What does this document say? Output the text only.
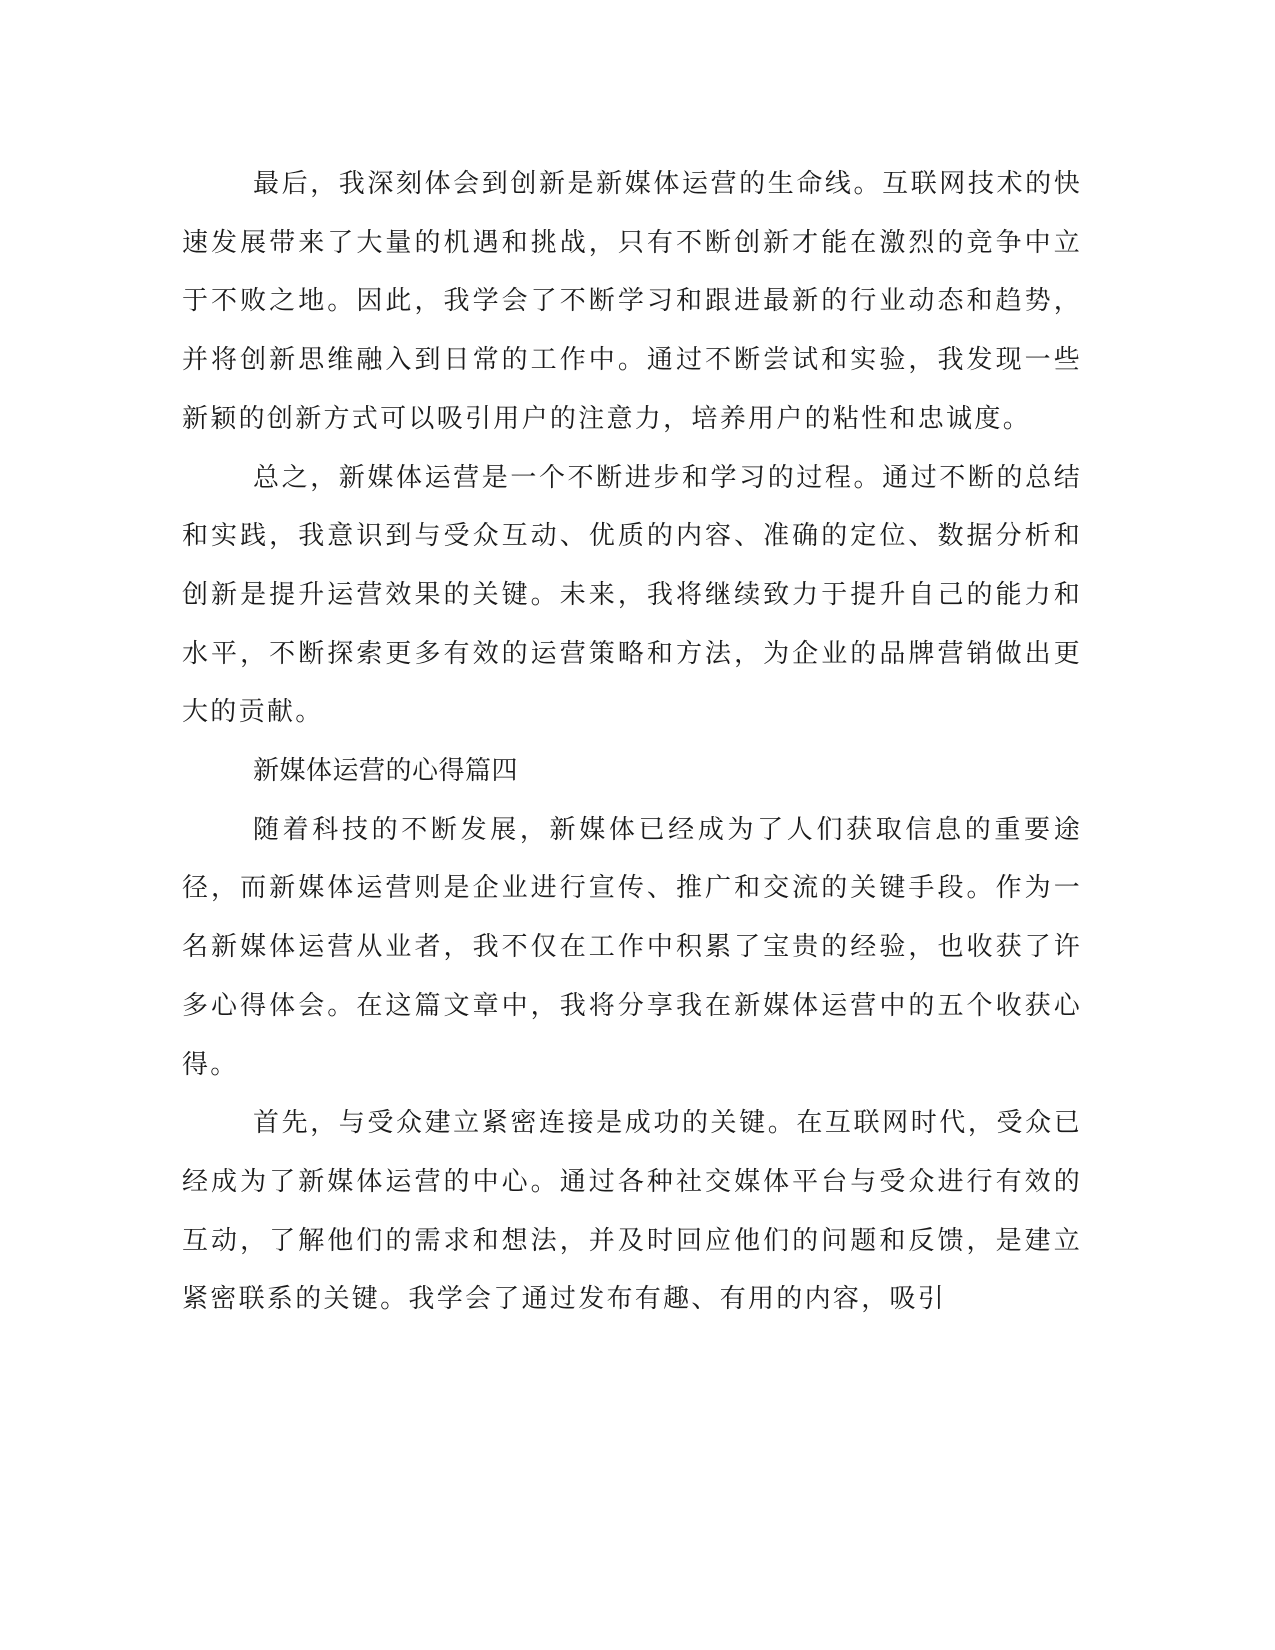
最后，我深刻体会到创新是新媒体运营的生命线。互联网技术的快速发展带来了大量的机遇和挑战，只有不断创新才能在激烈的竞争中立于不败之地。因此，我学会了不断学习和跟进最新的行业动态和趋势，并将创新思维融入到日常的工作中。通过不断尝试和实验，我发现一些新颖的创新方式可以吸引用户的注意力，培养用户的粘性和忠诚度。

总之，新媒体运营是一个不断进步和学习的过程。通过不断的总结和实践，我意识到与受众互动、优质的内容、准确的定位、数据分析和创新是提升运营效果的关键。未来，我将继续致力于提升自己的能力和水平，不断探索更多有效的运营策略和方法，为企业的品牌营销做出更大的贡献。

新媒体运营的心得篇四

随着科技的不断发展，新媒体已经成为了人们获取信息的重要途径，而新媒体运营则是企业进行宣传、推广和交流的关键手段。作为一名新媒体运营从业者，我不仅在工作中积累了宝贵的经验，也收获了许多心得体会。在这篇文章中，我将分享我在新媒体运营中的五个收获心得。

首先，与受众建立紧密连接是成功的关键。在互联网时代，受众已经成为了新媒体运营的中心。通过各种社交媒体平台与受众进行有效的互动，了解他们的需求和想法，并及时回应他们的问题和反馈，是建立紧密联系的关键。我学会了通过发布有趣、有用的内容，吸引
